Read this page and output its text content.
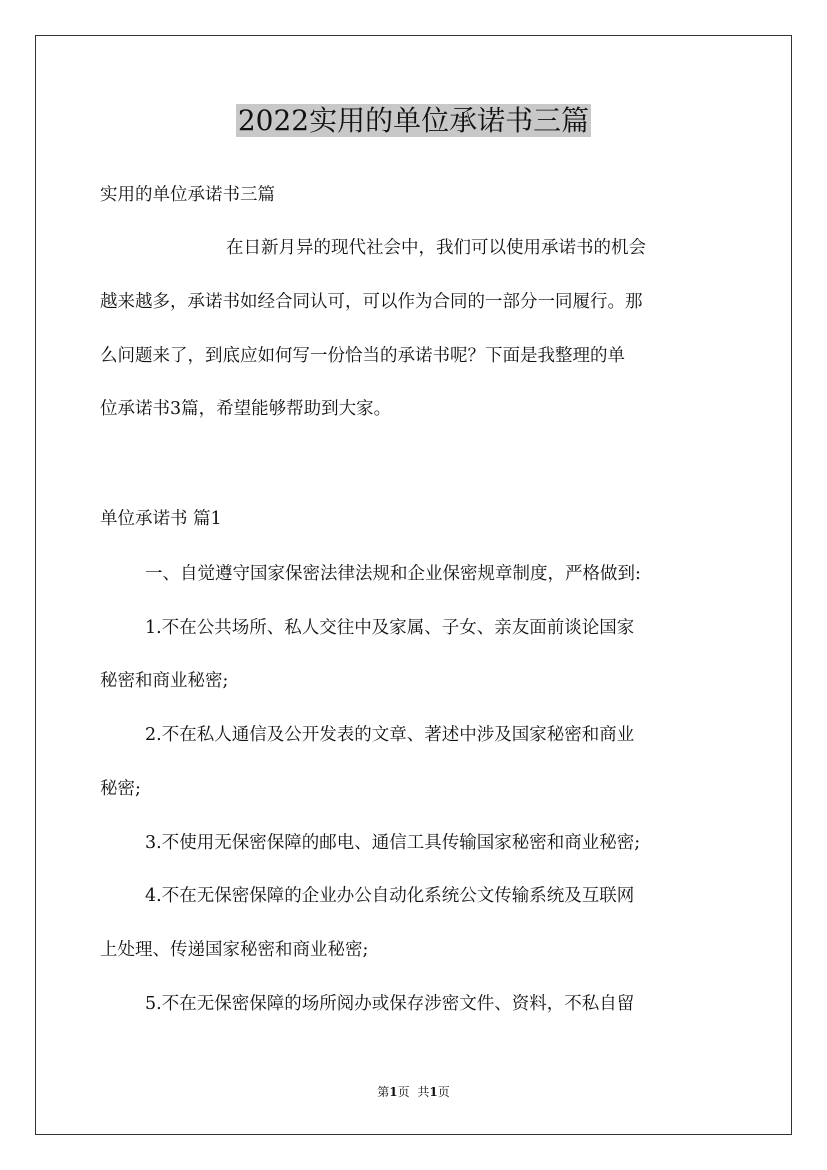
2022实用的单位承诺书三篇
实用的单位承诺书三篇
在日新月异的现代社会中，我们可以使用承诺书的机会
越来越多，承诺书如经合同认可，可以作为合同的一部分一同履行。那
么问题来了，到底应如何写一份恰当的承诺书呢？下面是我整理的单
位承诺书3篇，希望能够帮助到大家。
单位承诺书 篇1
一、自觉遵守国家保密法律法规和企业保密规章制度，严格做到:
1.不在公共场所、私人交往中及家属、子女、亲友面前谈论国家
秘密和商业秘密;
2.不在私人通信及公开发表的文章、著述中涉及国家秘密和商业
秘密;
3.不使用无保密保障的邮电、通信工具传输国家秘密和商业秘密;
4.不在无保密保障的企业办公自动化系统公文传输系统及互联网
上处理、传递国家秘密和商业秘密;
5.不在无保密保障的场所阅办或保存涉密文件、资料，不私自留
第1页 共1页
